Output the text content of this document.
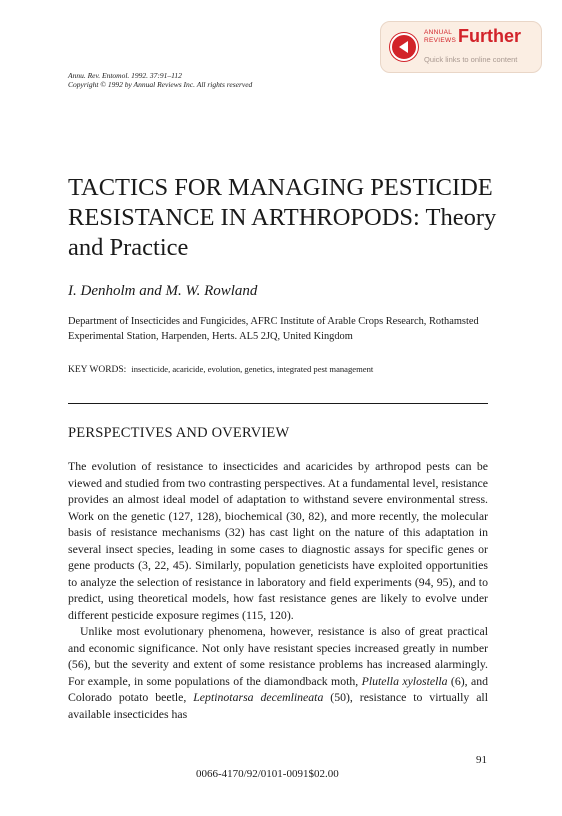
ANNUAL REVIEWS Further
Quick links to online content
Annu. Rev. Entomol. 1992. 37:91–112
Copyright © 1992 by Annual Reviews Inc. All rights reserved
TACTICS FOR MANAGING PESTICIDE RESISTANCE IN ARTHROPODS: Theory and Practice
I. Denholm and M. W. Rowland
Department of Insecticides and Fungicides, AFRC Institute of Arable Crops Research, Rothamsted Experimental Station, Harpenden, Herts. AL5 2JQ, United Kingdom
KEY WORDS: insecticide, acaricide, evolution, genetics, integrated pest management
PERSPECTIVES AND OVERVIEW

The evolution of resistance to insecticides and acaricides by arthropod pests can be viewed and studied from two contrasting perspectives. At a fundamental level, resistance provides an almost ideal model of adaptation to withstand severe environmental stress. Work on the genetic (127, 128), biochemical (30, 82), and more recently, the molecular basis of resistance mechanisms (32) has cast light on the nature of this adaptation in several insect species, leading in some cases to diagnostic assays for specific genes or gene products (3, 22, 45). Similarly, population geneticists have exploited opportunities to analyze the selection of resistance in laboratory and field experiments (94, 95), and to predict, using theoretical models, how fast resistance genes are likely to evolve under different pesticide exposure regimes (115, 120).

Unlike most evolutionary phenomena, however, resistance is also of great practical and economic significance. Not only have resistant species increased greatly in number (56), but the severity and extent of some resistance problems has increased alarmingly. For example, in some populations of the diamondback moth, Plutella xylostella (6), and Colorado potato beetle, Leptinotarsa decemlineata (50), resistance to virtually all available insecticides has

91
0066-4170/92/0101-0091$02.00
